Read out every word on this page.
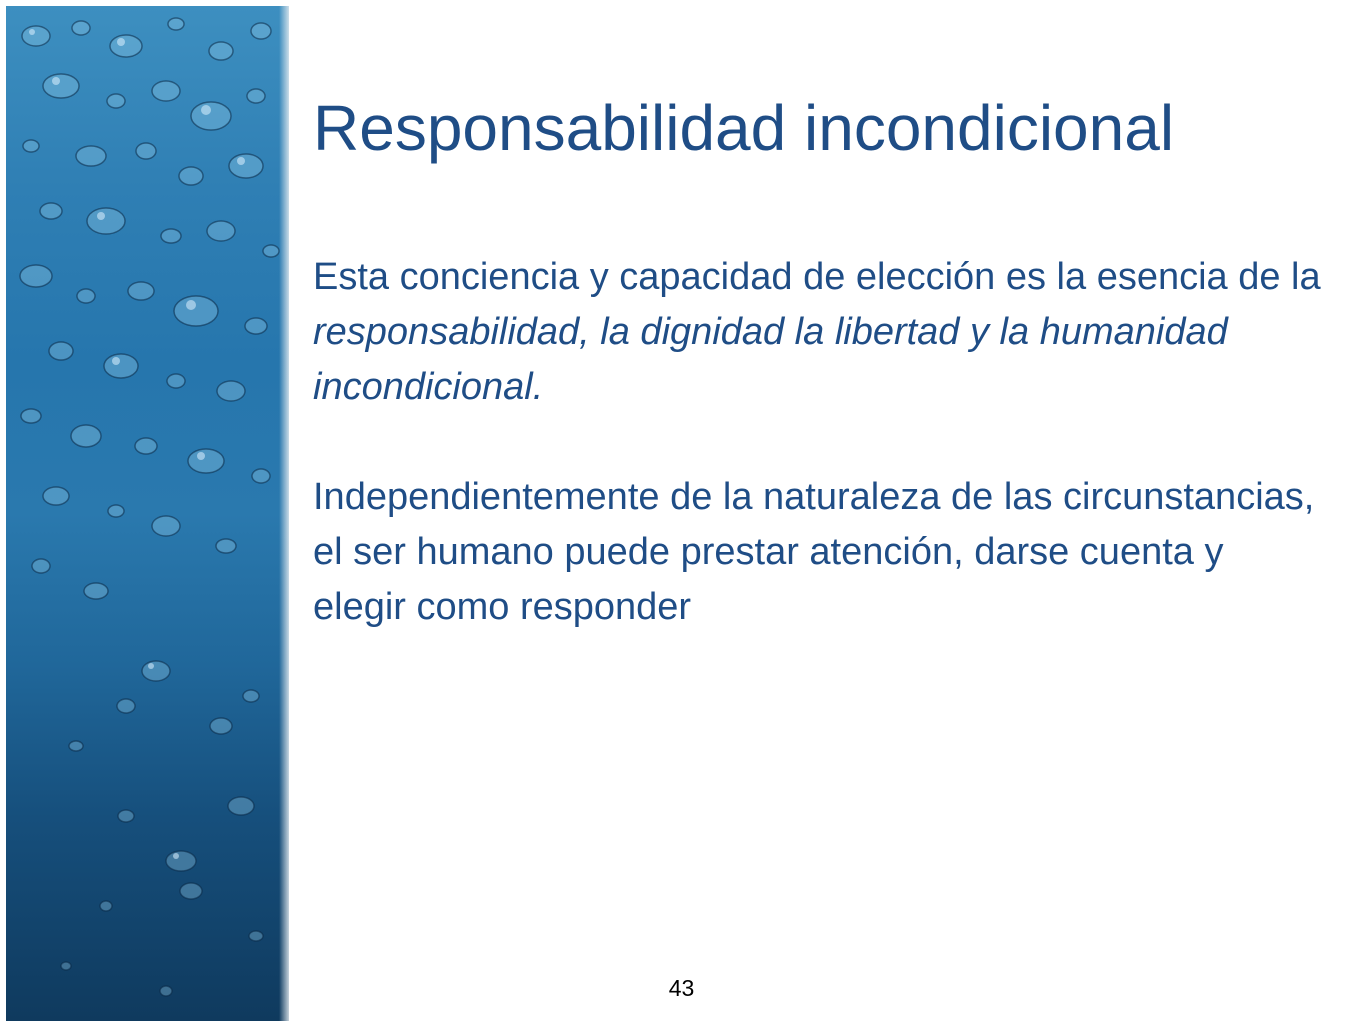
Responsabilidad incondicional

Esta conciencia y capacidad de elección es la esencia de la responsabilidad, la dignidad la libertad y la humanidad incondicional.

Independientemente de la naturaleza de las circunstancias, el ser humano puede prestar atención, darse cuenta y elegir como responder

43
